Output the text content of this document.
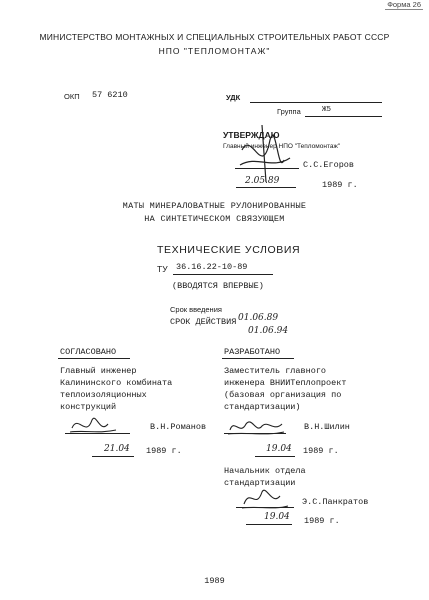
Форма 26
МИНИСТЕРСТВО МОНТАЖНЫХ И СПЕЦИАЛЬНЫХ СТРОИТЕЛЬНЫХ РАБОТ СССР
НПО "ТЕПЛОМОНТАЖ"
ОКП 57 6210	УДК
Группа	Ж5
УТВЕРЖДАЮ
Главный инженер НПО "Тепломонтаж"
С.С.Егоров
2.05.89	1989 г.
МАТЫ МИНЕРАЛОВАТНЫЕ РУЛОНИРОВАННЫЕ
НА СИНТЕТИЧЕСКОМ СВЯЗУЮЩЕМ
ТЕХНИЧЕСКИЕ УСЛОВИЯ
ТУ 36.16.22-10-89
(ВВОДЯТСЯ ВПЕРВЫЕ)
Срок введения
СРОК ДЕЙСТВИЯ 01.06.89
01.06.94
СОГЛАСОВАНО
Главный инженер
Калининского комбината
теплоизоляционных
конструкций
В.Н.Романов
21.04 1989 г.
РАЗРАБОТАНО
Заместитель главного
инженера ВНИИТеплопроект
(базовая организация по
стандартизации)
В.Н.Шилин
19.04 1989 г.
Начальник отдела
стандартизации
Э.С.Панкратов
19.04 1989 г.
1989
